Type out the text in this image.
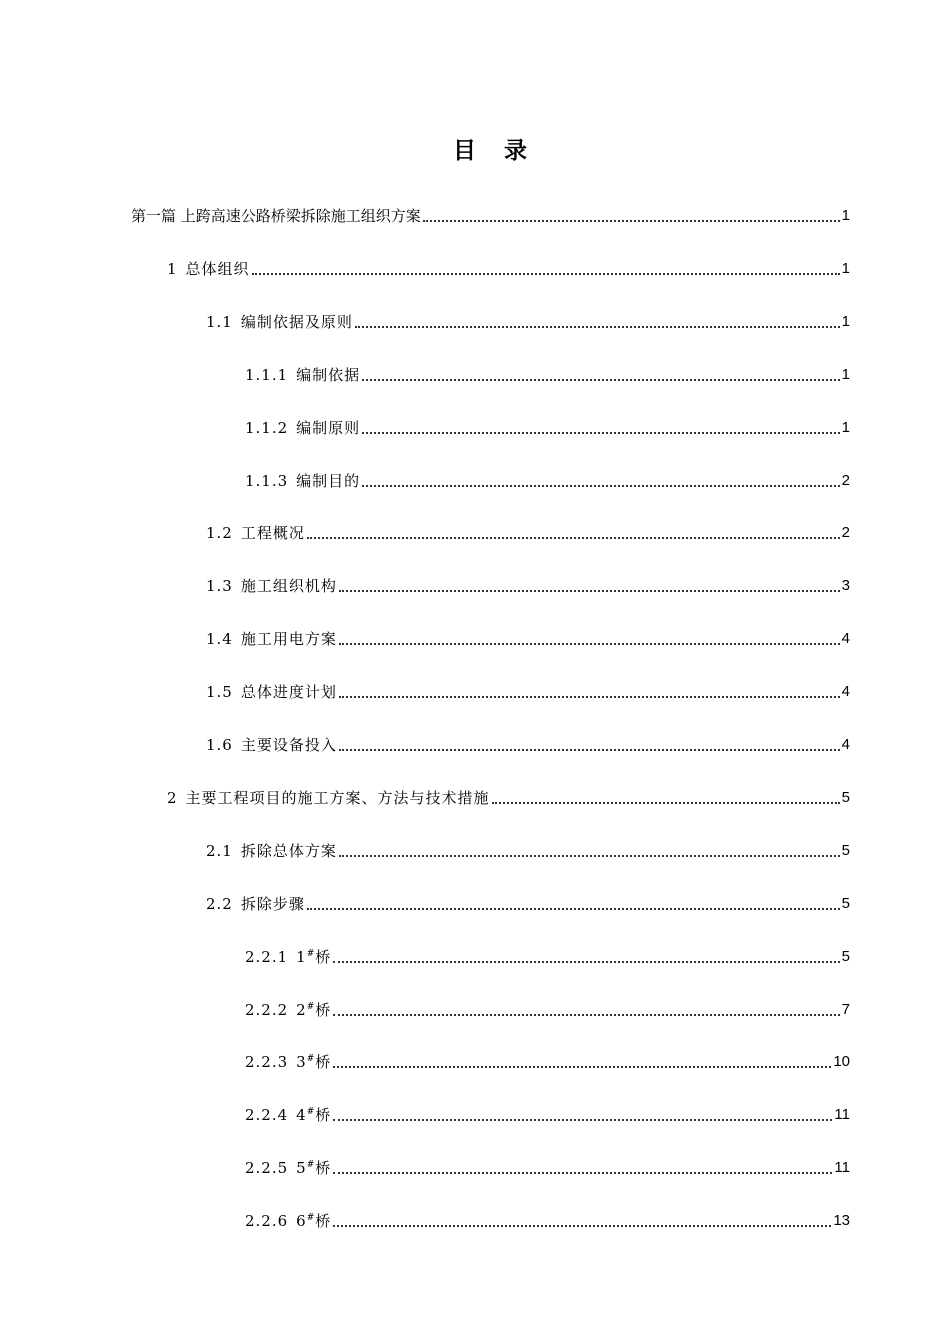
目 录
第一篇 上跨高速公路桥梁拆除施工组织方案	1
1 总体组织	1
1.1 编制依据及原则	1
1.1.1 编制依据	1
1.1.2 编制原则	1
1.1.3 编制目的	2
1.2 工程概况	2
1.3 施工组织机构	3
1.4 施工用电方案	4
1.5 总体进度计划	4
1.6 主要设备投入	4
2 主要工程项目的施工方案、方法与技术措施	5
2.1 拆除总体方案	5
2.2 拆除步骤	5
2.2.1 1#桥	5
2.2.2 2#桥	7
2.2.3 3#桥	10
2.2.4 4#桥	11
2.2.5 5#桥	11
2.2.6 6#桥	13
